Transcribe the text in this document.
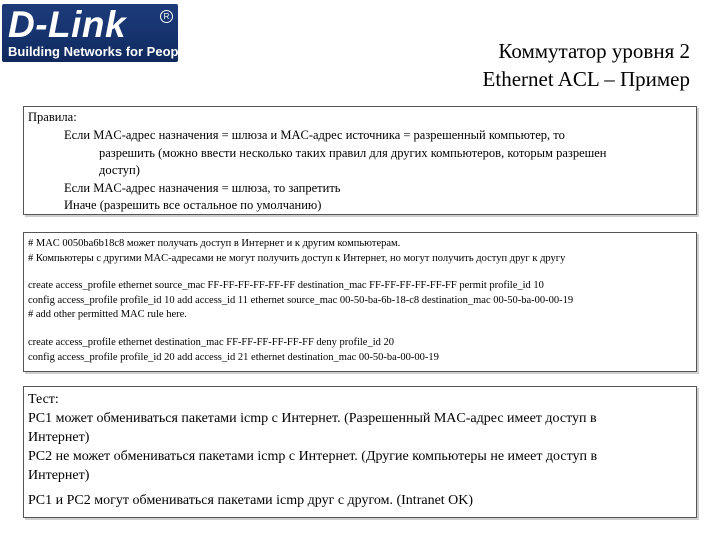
D-Link	R
Building Networks for People	Коммутатор уровня 2
Ethernet ACL – Пример
Правила:
Если MAC-адрес назначения = шлюза и MAC-адрес источника = разрешенный компьютер, то
разрешить (можно ввести несколько таких правил для других компьютеров, которым разрешен
доступ)
Если MAC-адрес назначения = шлюза, то запретить
Иначе (разрешить все остальное по умолчанию)
# MAC 0050ba6b18c8 может получать доступ в Интернет и к другим компьютерам.
# Компьютеры с другими MAC-адресами не могут получить доступ к Интернет, но могут получить доступ друг к другу
create access_profile ethernet source_mac FF-FF-FF-FF-FF-FF destination_mac FF-FF-FF-FF-FF-FF permit profile_id 10
config access_profile profile_id 10 add access_id 11 ethernet source_mac 00-50-ba-6b-18-c8 destination_mac 00-50-ba-00-00-19
# add other permitted MAC rule here.
create access_profile ethernet destination_mac FF-FF-FF-FF-FF-FF deny profile_id 20
config access_profile profile_id 20 add access_id 21 ethernet destination_mac 00-50-ba-00-00-19
Тест:
PC1 может обмениваться пакетами icmp с Интернет. (Разрешенный MAC-адрес имеет доступ в
Интернет)
PC2 не может обмениваться пакетами icmp с Интернет. (Другие компьютеры не имеет доступ в
Интернет)
PC1 и PC2 могут обмениваться пакетами icmp друг с другом. (Intranet OK)
